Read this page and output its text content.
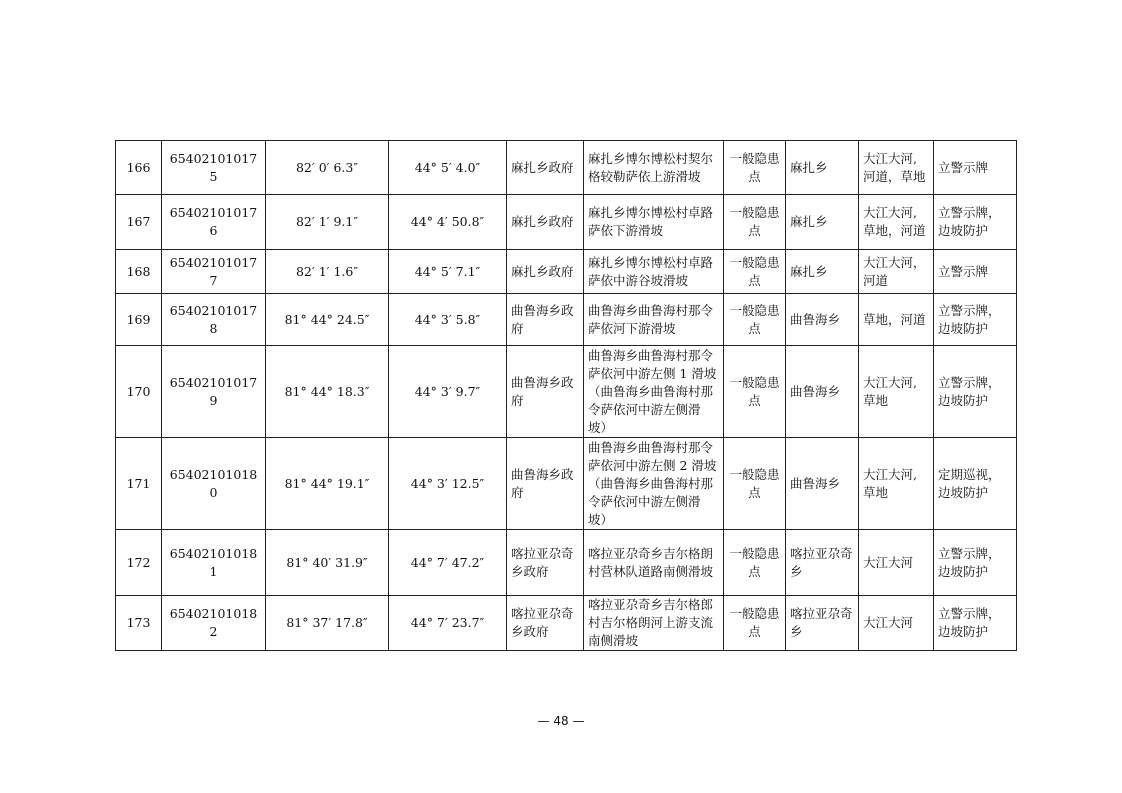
166	654021010175	82′ 0′ 6.3″	44° 5′ 4.0″	麻扎乡政府	麻扎乡博尔博松村契尔格较勒萨依上游滑坡	一般隐患点	麻扎乡	大江大河,河道，草地	立警示牌
167	654021010176	82′ 1′ 9.1″	44° 4′ 50.8″	麻扎乡政府	麻扎乡博尔博松村卓路萨依下游滑坡	一般隐患点	麻扎乡	大江大河,草地，河道	立警示牌，边坡防护
168	654021010177	82′ 1′ 1.6″	44° 5′ 7.1″	麻扎乡政府	麻扎乡博尔博松村卓路萨依中游谷坡滑坡	一般隐患点	麻扎乡	大江大河，河道	立警示牌
169	654021010178	81° 44° 24.5″	44° 3′ 5.8″	曲鲁海乡政府	曲鲁海乡曲鲁海村那令萨依河下游滑坡	一般隐患点	曲鲁海乡	草地，河道	立警示牌，边坡防护
170	654021010179	81° 44° 18.3″	44° 3′ 9.7″	曲鲁海乡政府	曲鲁海乡曲鲁海村那令萨依河中游左侧 1 滑坡（曲鲁海乡曲鲁海村那令萨依河中游左侧滑坡）	一般隐患点	曲鲁海乡	大江大河,草地	立警示牌，边坡防护
171	654021010180	81° 44° 19.1″	44° 3′ 12.5″	曲鲁海乡政府	曲鲁海乡曲鲁海村那令萨依河中游左侧 2 滑坡（曲鲁海乡曲鲁海村那令萨依河中游左侧滑坡）	一般隐患点	曲鲁海乡	大江大河,草地	定期巡视，边坡防护
172	654021010181	81° 40′ 31.9″	44° 7′ 47.2″	喀拉亚尕奇乡政府	喀拉亚尕奇乡吉尔格朗村营林队道路南侧滑坡	一般隐患点	喀拉亚尕奇乡	大江大河	立警示牌，边坡防护
173	654021010182	81° 37′ 17.8″	44° 7′ 23.7″	喀拉亚尕奇乡政府	喀拉亚尕奇乡吉尔格郎村吉尔格朗河上游支流南侧滑坡	一般隐患点	喀拉亚尕奇乡	大江大河	立警示牌，边坡防护
— 48 —
